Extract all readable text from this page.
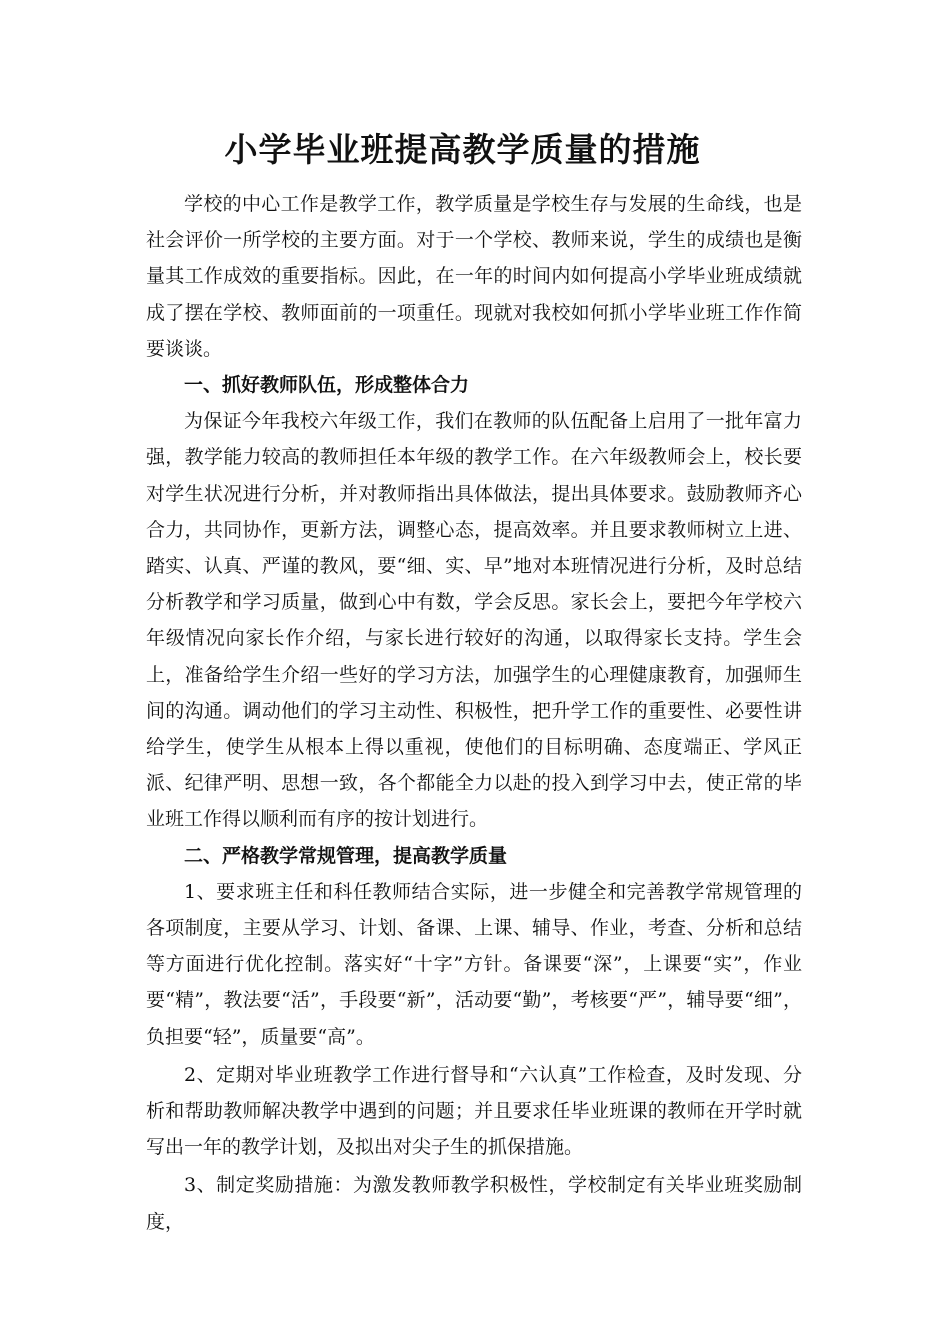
小学毕业班提高教学质量的措施

学校的中心工作是教学工作，教学质量是学校生存与发展的生命线，也是社会评价一所学校的主要方面。对于一个学校、教师来说，学生的成绩也是衡量其工作成效的重要指标。因此，在一年的时间内如何提高小学毕业班成绩就成了摆在学校、教师面前的一项重任。现就对我校如何抓小学毕业班工作作简要谈谈。

一、抓好教师队伍，形成整体合力

为保证今年我校六年级工作，我们在教师的队伍配备上启用了一批年富力强，教学能力较高的教师担任本年级的教学工作。在六年级教师会上，校长要对学生状况进行分析，并对教师指出具体做法，提出具体要求。鼓励教师齐心合力，共同协作，更新方法，调整心态，提高效率。并且要求教师树立上进、踏实、认真、严谨的教风，要“细、实、早”地对本班情况进行分析，及时总结分析教学和学习质量，做到心中有数，学会反思。家长会上，要把今年学校六年级情况向家长作介绍，与家长进行较好的沟通，以取得家长支持。学生会上，准备给学生介绍一些好的学习方法，加强学生的心理健康教育，加强师生间的沟通。调动他们的学习主动性、积极性，把升学工作的重要性、必要性讲给学生，使学生从根本上得以重视，使他们的目标明确、态度端正、学风正派、纪律严明、思想一致，各个都能全力以赴的投入到学习中去，使正常的毕业班工作得以顺利而有序的按计划进行。

二、严格教学常规管理，提高教学质量

1、要求班主任和科任教师结合实际，进一步健全和完善教学常规管理的各项制度，主要从学习、计划、备课、上课、辅导、作业，考查、分析和总结等方面进行优化控制。落实好“十字”方针。备课要“深”，上课要“实”，作业要“精”，教法要“活”，手段要“新”，活动要“勤”，考核要“严”，辅导要“细”，负担要“轻”，质量要“高”。

2、定期对毕业班教学工作进行督导和“六认真”工作检查，及时发现、分析和帮助教师解决教学中遇到的问题；并且要求任毕业班课的教师在开学时就写出一年的教学计划，及拟出对尖子生的抓保措施。

3、制定奖励措施：为激发教师教学积极性，学校制定有关毕业班奖励制度，
